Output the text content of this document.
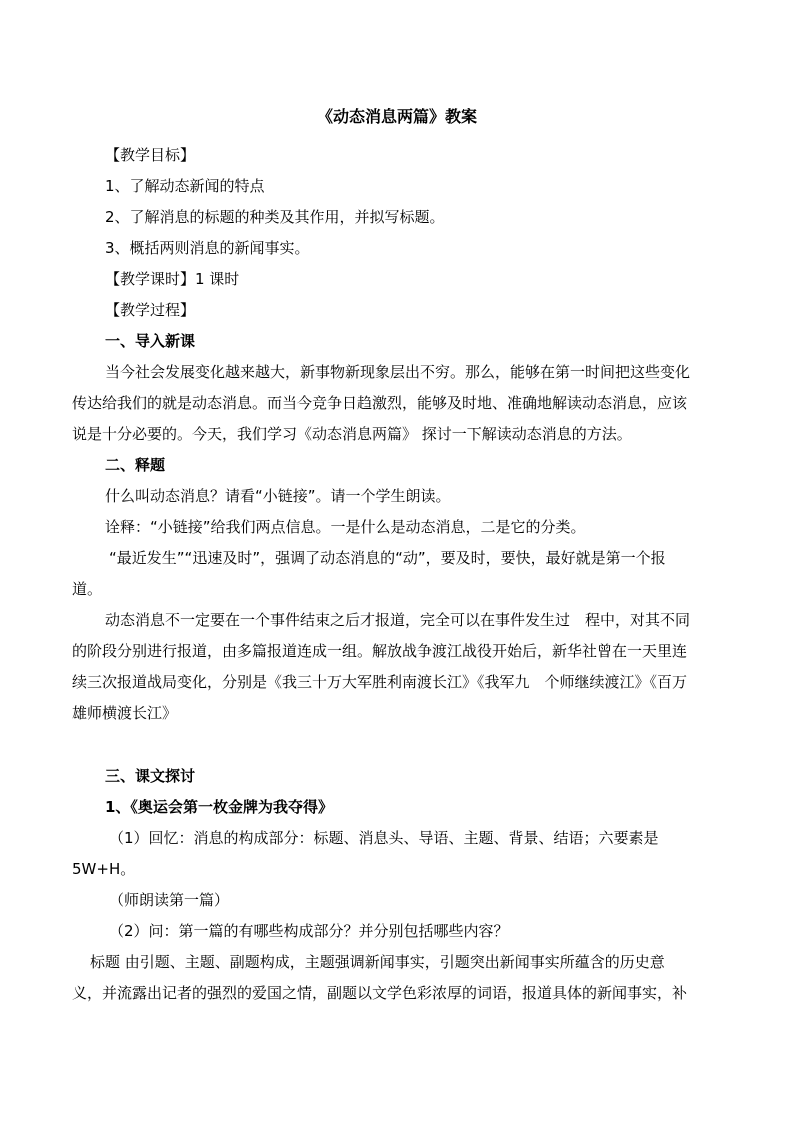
《动态消息两篇》教案
【教学目标】
1、了解动态新闻的特点
2、了解消息的标题的种类及其作用，并拟写标题。
3、概括两则消息的新闻事实。
【教学课时】1 课时
【教学过程】
一、导入新课
当今社会发展变化越来越大，新事物新现象层出不穷。那么，能够在第一时间把这些变化
传达给我们的就是动态消息。而当今竞争日趋激烈，能够及时地、准确地解读动态消息，应该
说是十分必要的。今天，我们学习《动态消息两篇》 探讨一下解读动态消息的方法。
二、释题
什么叫动态消息？请看“小链接”。请一个学生朗读。
诠释：“小链接”给我们两点信息。一是什么是动态消息，二是它的分类。
“最近发生”“迅速及时”，强调了动态消息的“动”，要及时，要快，最好就是第一个报
道。
动态消息不一定要在一个事件结束之后才报道，完全可以在事件发生过　程中，对其不同
的阶段分别进行报道，由多篇报道连成一组。解放战争渡江战役开始后，新华社曾在一天里连
续三次报道战局变化，分别是《我三十万大军胜利南渡长江》《我军九　个师继续渡江》《百万
雄师横渡长江》
三、课文探讨
1、《奥运会第一枚金牌为我夺得》
（1）回忆：消息的构成部分：标题、消息头、导语、主题、背景、结语；六要素是
5W+H。
（师朗读第一篇）
（2）问：第一篇的有哪些构成部分？并分别包括哪些内容？
标题 由引题、主题、副题构成，主题强调新闻事实，引题突出新闻事实所蕴含的历史意
义，并流露出记者的强烈的爱国之情，副题以文学色彩浓厚的词语，报道具体的新闻事实，补
